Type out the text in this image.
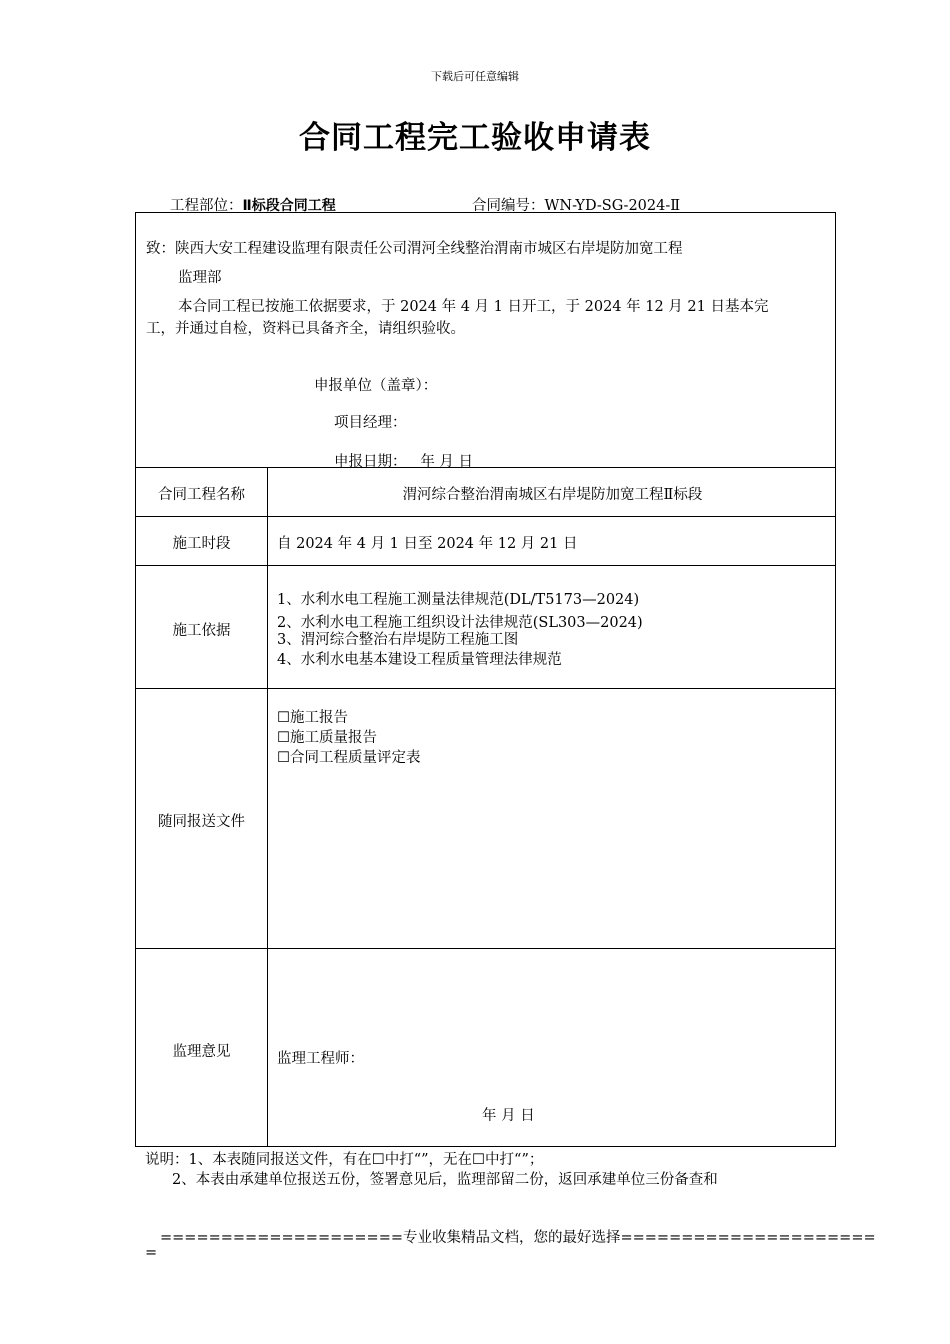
下载后可任意编辑
合同工程完工验收申请表
工程部位：Ⅱ标段合同工程	合同编号：WN-YD-SG-2024-Ⅱ
致：陕西大安工程建设监理有限责任公司渭河全线整治渭南市城区右岸堤防加宽工程
监理部
本合同工程已按施工依据要求，于 2024 年 4 月 1 日开工，于 2024 年 12 月 21 日基本完
工，并通过自检，资料已具备齐全，请组织验收。
申报单位（盖章）：
项目经理：
申报日期： 年 月 日
合同工程名称	渭河综合整治渭南城区右岸堤防加宽工程Ⅱ标段
施工时段	自 2024 年 4 月 1 日至 2024 年 12 月 21 日
施工依据
1、水利水电工程施工测量法律规范(DL/T5173—2024)
2、水利水电工程施工组织设计法律规范(SL303—2024)
3、渭河综合整治右岸堤防工程施工图
4、水利水电基本建设工程质量管理法律规范
随同报送文件
☐施工报告
☐施工质量报告
☐合同工程质量评定表
监理意见	监理工程师：
年 月 日
说明：1、本表随同报送文件，有在☐中打“”，无在☐中打“”；
2、本表由承建单位报送五份，签署意见后，监理部留二份，返回承建单位三份备查和
====================专业收集精品文档，您的最好选择=====================
=
